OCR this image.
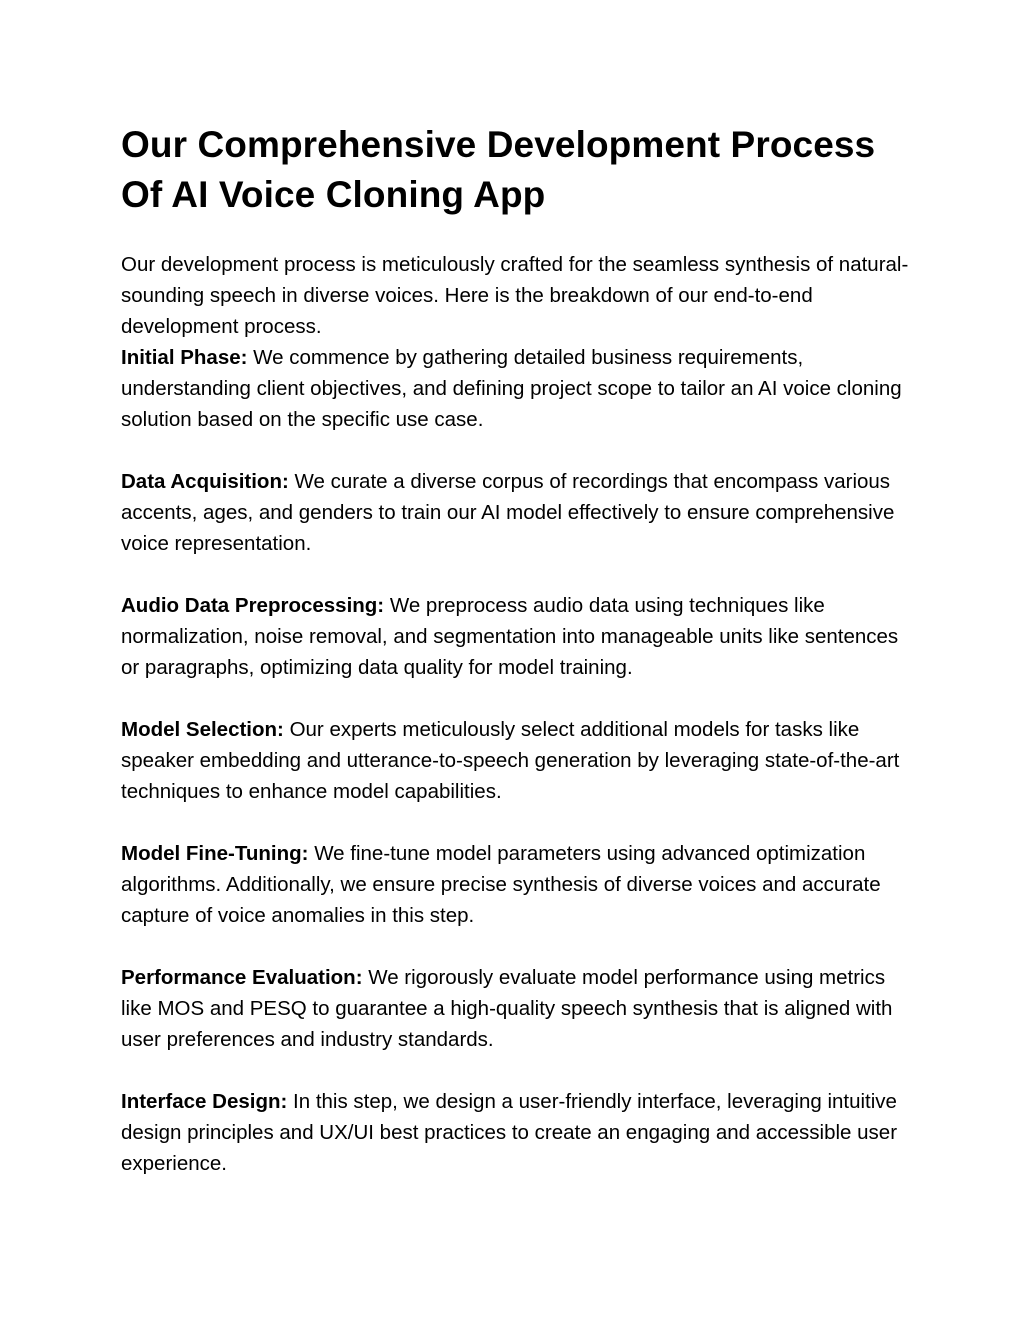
Our Comprehensive Development Process Of AI Voice Cloning App

Our development process is meticulously crafted for the seamless synthesis of natural-sounding speech in diverse voices. Here is the breakdown of our end-to-end development process.

Initial Phase: We commence by gathering detailed business requirements, understanding client objectives, and defining project scope to tailor an AI voice cloning solution based on the specific use case.

Data Acquisition: We curate a diverse corpus of recordings that encompass various accents, ages, and genders to train our AI model effectively to ensure comprehensive voice representation.

Audio Data Preprocessing: We preprocess audio data using techniques like normalization, noise removal, and segmentation into manageable units like sentences or paragraphs, optimizing data quality for model training.

Model Selection: Our experts meticulously select additional models for tasks like speaker embedding and utterance-to-speech generation by leveraging state-of-the-art techniques to enhance model capabilities.

Model Fine-Tuning: We fine-tune model parameters using advanced optimization algorithms. Additionally, we ensure precise synthesis of diverse voices and accurate capture of voice anomalies in this step.

Performance Evaluation: We rigorously evaluate model performance using metrics like MOS and PESQ to guarantee a high-quality speech synthesis that is aligned with user preferences and industry standards.

Interface Design: In this step, we design a user-friendly interface, leveraging intuitive design principles and UX/UI best practices to create an engaging and accessible user experience.
